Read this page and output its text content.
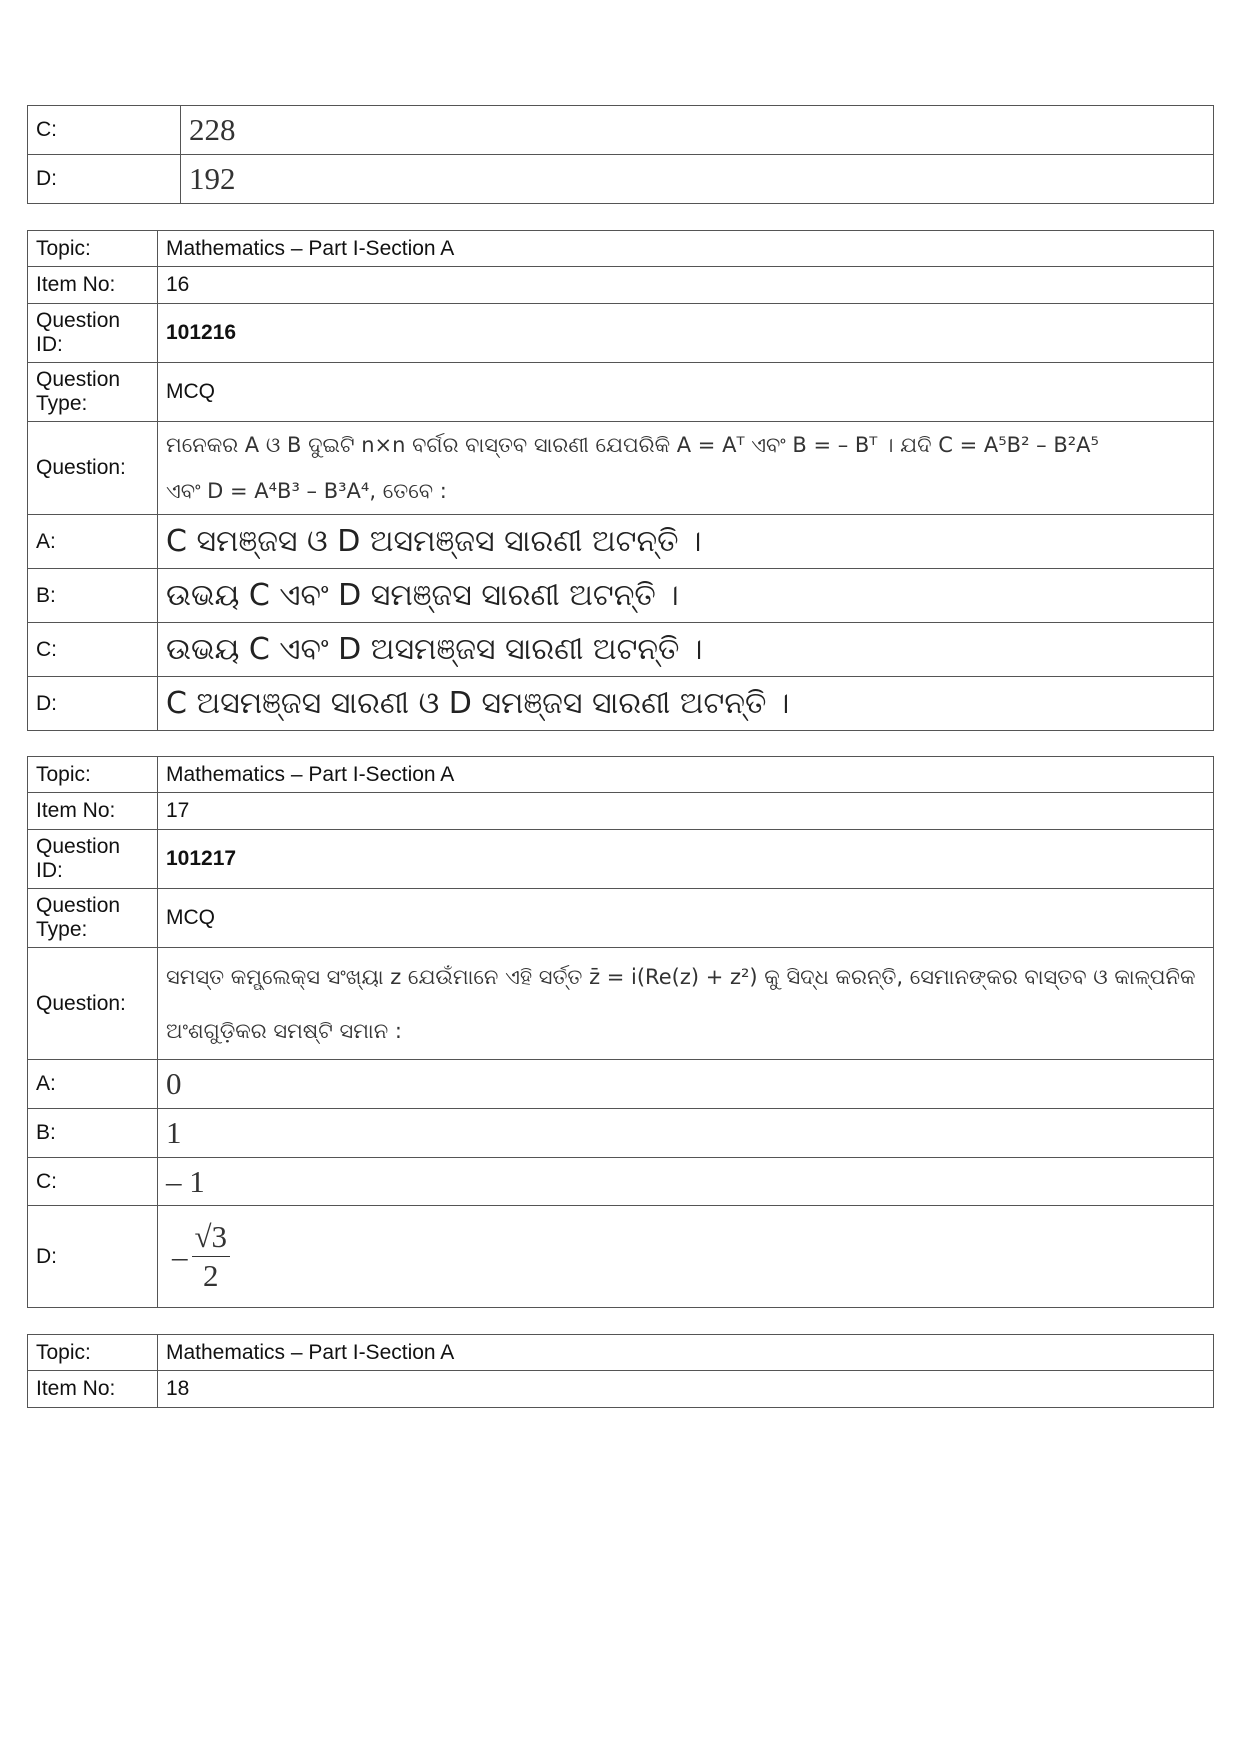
C:	228
D:	192
Topic:	Mathematics – Part I-Section A
Item No:	16
Question ID:	101216
Question Type:	MCQ
Question:	ମନେକର A ଓ B ଦୁଇଟି n×n ବର୍ଗର ବାସ୍ତବ ସାରଣୀ ଯେପରିକି A = Aᵀ ଏବଂ B = – Bᵀ । ଯଦି C = A⁵B² – B²A⁵
ଏବଂ D = A⁴B³ – B³A⁴, ତେବେ :

A:	C ସମଞ୍ଜସ ଓ D ଅସମଞ୍ଜସ ସାରଣୀ ଅଟନ୍ତି ।
B:	ଉଭୟ C ଏବଂ D ସମଞ୍ଜସ ସାରଣୀ ଅଟନ୍ତି ।
C:	ଉଭୟ C ଏବଂ D ଅସମଞ୍ଜସ ସାରଣୀ ଅଟନ୍ତି ।
D:	C ଅସମଞ୍ଜସ ସାରଣୀ ଓ D ସମଞ୍ଜସ ସାରଣୀ ଅଟନ୍ତି ।
Topic:	Mathematics – Part I-Section A
Item No:	17
Question ID:	101217
Question Type:	MCQ
Question:	ସମସ୍ତ କମ୍ପ୍ଲେକ୍ସ ସଂଖ୍ୟା z ଯେଉଁମାନେ ଏହି ସର୍ତ୍ତ z̄ = i(Re(z) + z²) କୁ ସିଦ୍ଧ କରନ୍ତି, ସେମାନଙ୍କର ବାସ୍ତବ ଓ କାଳ୍ପନିକ
ଅଂଶଗୁଡ଼ିକର ସମଷ୍ଟି ସମାନ :

A:	0
B:	1
C:	– 1
D:	– $\frac{√3}{2}$
Topic:	Mathematics – Part I-Section A
Item No:	18
